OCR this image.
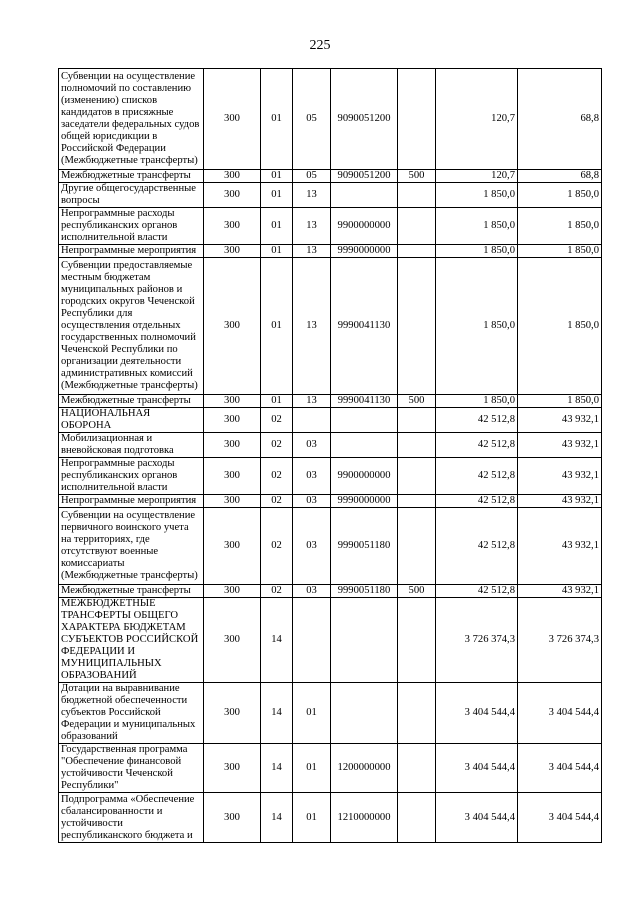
225
Субвенции на осуществление полномочий по составлению (изменению) списков кандидатов в присяжные заседатели федеральных судов общей юрисдикции в Российской Федерации (Межбюджетные трансферты)	300	01	05	9090051200		120,7	68,8
Межбюджетные трансферты	300	01	05	9090051200	500	120,7	68,8
Другие общегосударственные вопросы	300	01	13			1 850,0	1 850,0
Непрограммные расходы республиканских органов исполнительной власти	300	01	13	9900000000		1 850,0	1 850,0
Непрограммные мероприятия	300	01	13	9990000000		1 850,0	1 850,0
Субвенции предоставляемые местным бюджетам муниципальных районов и городских округов Чеченской Республики для осуществления отдельных государственных полномочий Чеченской Республики по организации деятельности административных комиссий (Межбюджетные трансферты)	300	01	13	9990041130		1 850,0	1 850,0
Межбюджетные трансферты	300	01	13	9990041130	500	1 850,0	1 850,0
НАЦИОНАЛЬНАЯ ОБОРОНА	300	02				42 512,8	43 932,1
Мобилизационная и вневойсковая подготовка	300	02	03			42 512,8	43 932,1
Непрограммные расходы республиканских органов исполнительной власти	300	02	03	9900000000		42 512,8	43 932,1
Непрограммные мероприятия	300	02	03	9990000000		42 512,8	43 932,1
Субвенции на осуществление первичного воинского учета на территориях, где отсутствуют военные комиссариаты (Межбюджетные трансферты)	300	02	03	9990051180		42 512,8	43 932,1
Межбюджетные трансферты	300	02	03	9990051180	500	42 512,8	43 932,1
МЕЖБЮДЖЕТНЫЕ ТРАНСФЕРТЫ ОБЩЕГО ХАРАКТЕРА БЮДЖЕТАМ СУБЪЕКТОВ РОССИЙСКОЙ ФЕДЕРАЦИИ И МУНИЦИПАЛЬНЫХ ОБРАЗОВАНИЙ	300	14				3 726 374,3	3 726 374,3
Дотации на выравнивание бюджетной обеспеченности субъектов Российской Федерации и муниципальных образований	300	14	01			3 404 544,4	3 404 544,4
Государственная программа "Обеспечение финансовой устойчивости Чеченской Республики"	300	14	01	1200000000		3 404 544,4	3 404 544,4
Подпрограмма «Обеспечение сбалансированности и устойчивости республиканского бюджета и	300	14	01	1210000000		3 404 544,4	3 404 544,4
